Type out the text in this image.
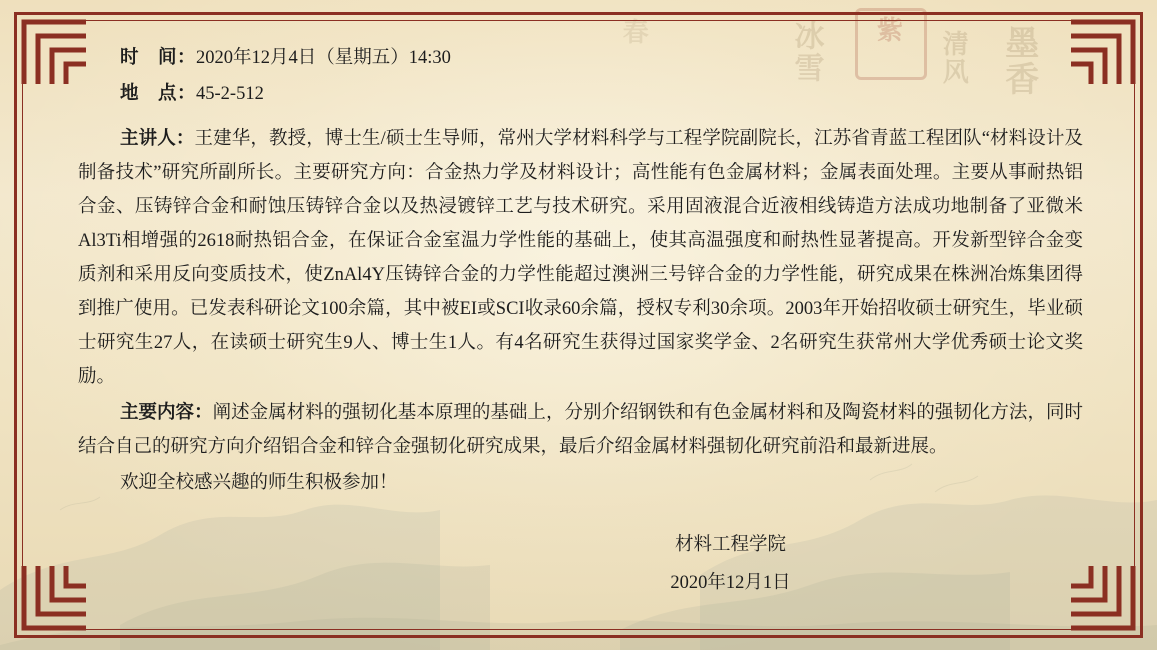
春	冰雪	紫	清风 墨香

时　间：2020年12月4日（星期五）14:30

地　点：45-2-512

主讲人：王建华，教授，博士生/硕士生导师，常州大学材料科学与工程学院副院长，江苏省青蓝工程团队“材料设计及制备技术”研究所副所长。主要研究方向：合金热力学及材料设计；高性能有色金属材料；金属表面处理。主要从事耐热铝合金、压铸锌合金和耐蚀压铸锌合金以及热浸镀锌工艺与技术研究。采用固液混合近液相线铸造方法成功地制备了亚微米Al3Ti相增强的2618耐热铝合金，在保证合金室温力学性能的基础上，使其高温强度和耐热性显著提高。开发新型锌合金变质剂和采用反向变质技术，使ZnAl4Y压铸锌合金的力学性能超过澳洲三号锌合金的力学性能，研究成果在株洲冶炼集团得到推广使用。已发表科研论文100余篇，其中被EI或SCI收录60余篇，授权专利30余项。2003年开始招收硕士研究生，毕业硕士研究生27人，在读硕士研究生9人、博士生1人。有4名研究生获得过国家奖学金、2名研究生获常州大学优秀硕士论文奖励。

主要内容：阐述金属材料的强韧化基本原理的基础上，分别介绍钢铁和有色金属材料和及陶瓷材料的强韧化方法，同时结合自己的研究方向介绍铝合金和锌合金强韧化研究成果，最后介绍金属材料强韧化研究前沿和最新进展。

欢迎全校感兴趣的师生积极参加！

材料工程学院
2020年12月1日
